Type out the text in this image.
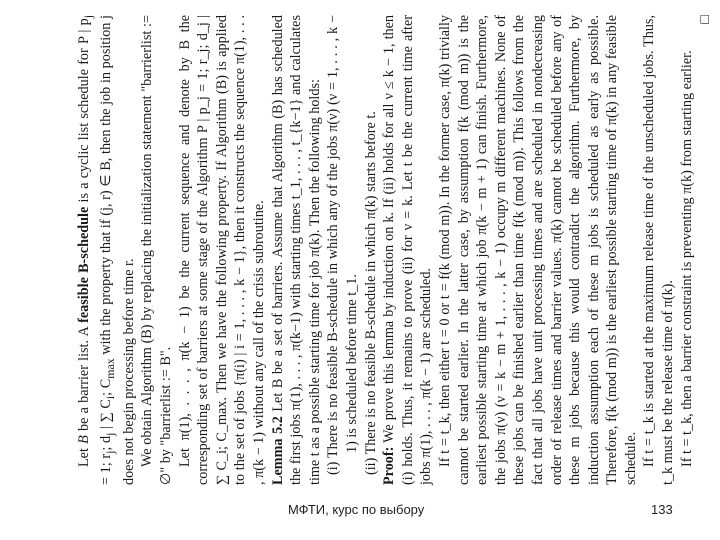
Let B be a barrier list. A feasible B-schedule is a cyclic list schedule for P | $p_j = 1$; $r_j$; $d_j$ | ∑ $C_i$; $C_{max}$ with the property that if (j, r) ∈ B, then the job in position j does not begin processing before time r. We obtain Algorithm (B) by replacing the initialization statement "barrierlist := ∅" by "barrierlist := B". Let π(1), . . . , π(k − 1) be the current sequence and denote by B the corresponding set of barriers at some stage of the Algorithm P | p_j = 1; r_j; d_j | ∑ C_i; C_max. Then we have the following property. If Algorithm (B) is applied to the set of jobs {π(i) | i = 1, . . . , k − 1}, then it constructs the sequence π(1), . . . , π(k − 1) without any call of the crisis subroutine. Lemma 5.2 Let B be a set of barriers. Assume that Algorithm (B) has scheduled the first jobs π(1), . . . , π(k−1) with starting times t_1, . . . , t_{k−1} and calculates time t as a possible starting time for job π(k). Then the following holds: (i) There is no feasible B-schedule in which any of the jobs π(ν) (ν = 1, . . . , k − 1) is scheduled before time t_1. (ii) There is no feasible B-schedule in which π(k) starts before t. Proof: We prove this lemma by induction on k. If (ii) holds for all ν ≤ k − 1, then (i) holds. Thus, it remains to prove (ii) for ν = k. Let t be the current time after jobs π(1), . . . , π(k − 1) are scheduled. If t = t_k, then either t = 0 or t = f(k (mod m)). In the former case, π(k) trivially cannot be started earlier. In the latter case, by assumption f(k (mod m)) is the earliest possible starting time at which job π(k − m + 1) can finish. Furthermore, the jobs π(ν) (ν = k − m + 1, . . . , k − 1) occupy m different machines. None of these jobs can be finished earlier than time f(k (mod m)). This follows from the fact that all jobs have unit processing times and are scheduled in nondecreasing order of release times and barrier values. π(k) cannot be scheduled before any of these m jobs because this would contradict the algorithm. Furthermore, by induction assumption each of these m jobs is scheduled as early as possible. Therefore, f(k (mod m)) is the earliest possible starting time of π(k) in any feasible schedule. If t = t_k is started at the maximum release time of the unscheduled jobs. Thus, t_k must be the release time of π(k). If t = t_k, then a barrier constraint is preventing π(k) from starting earlier.

□

МФТИ, курс по выбору	133
